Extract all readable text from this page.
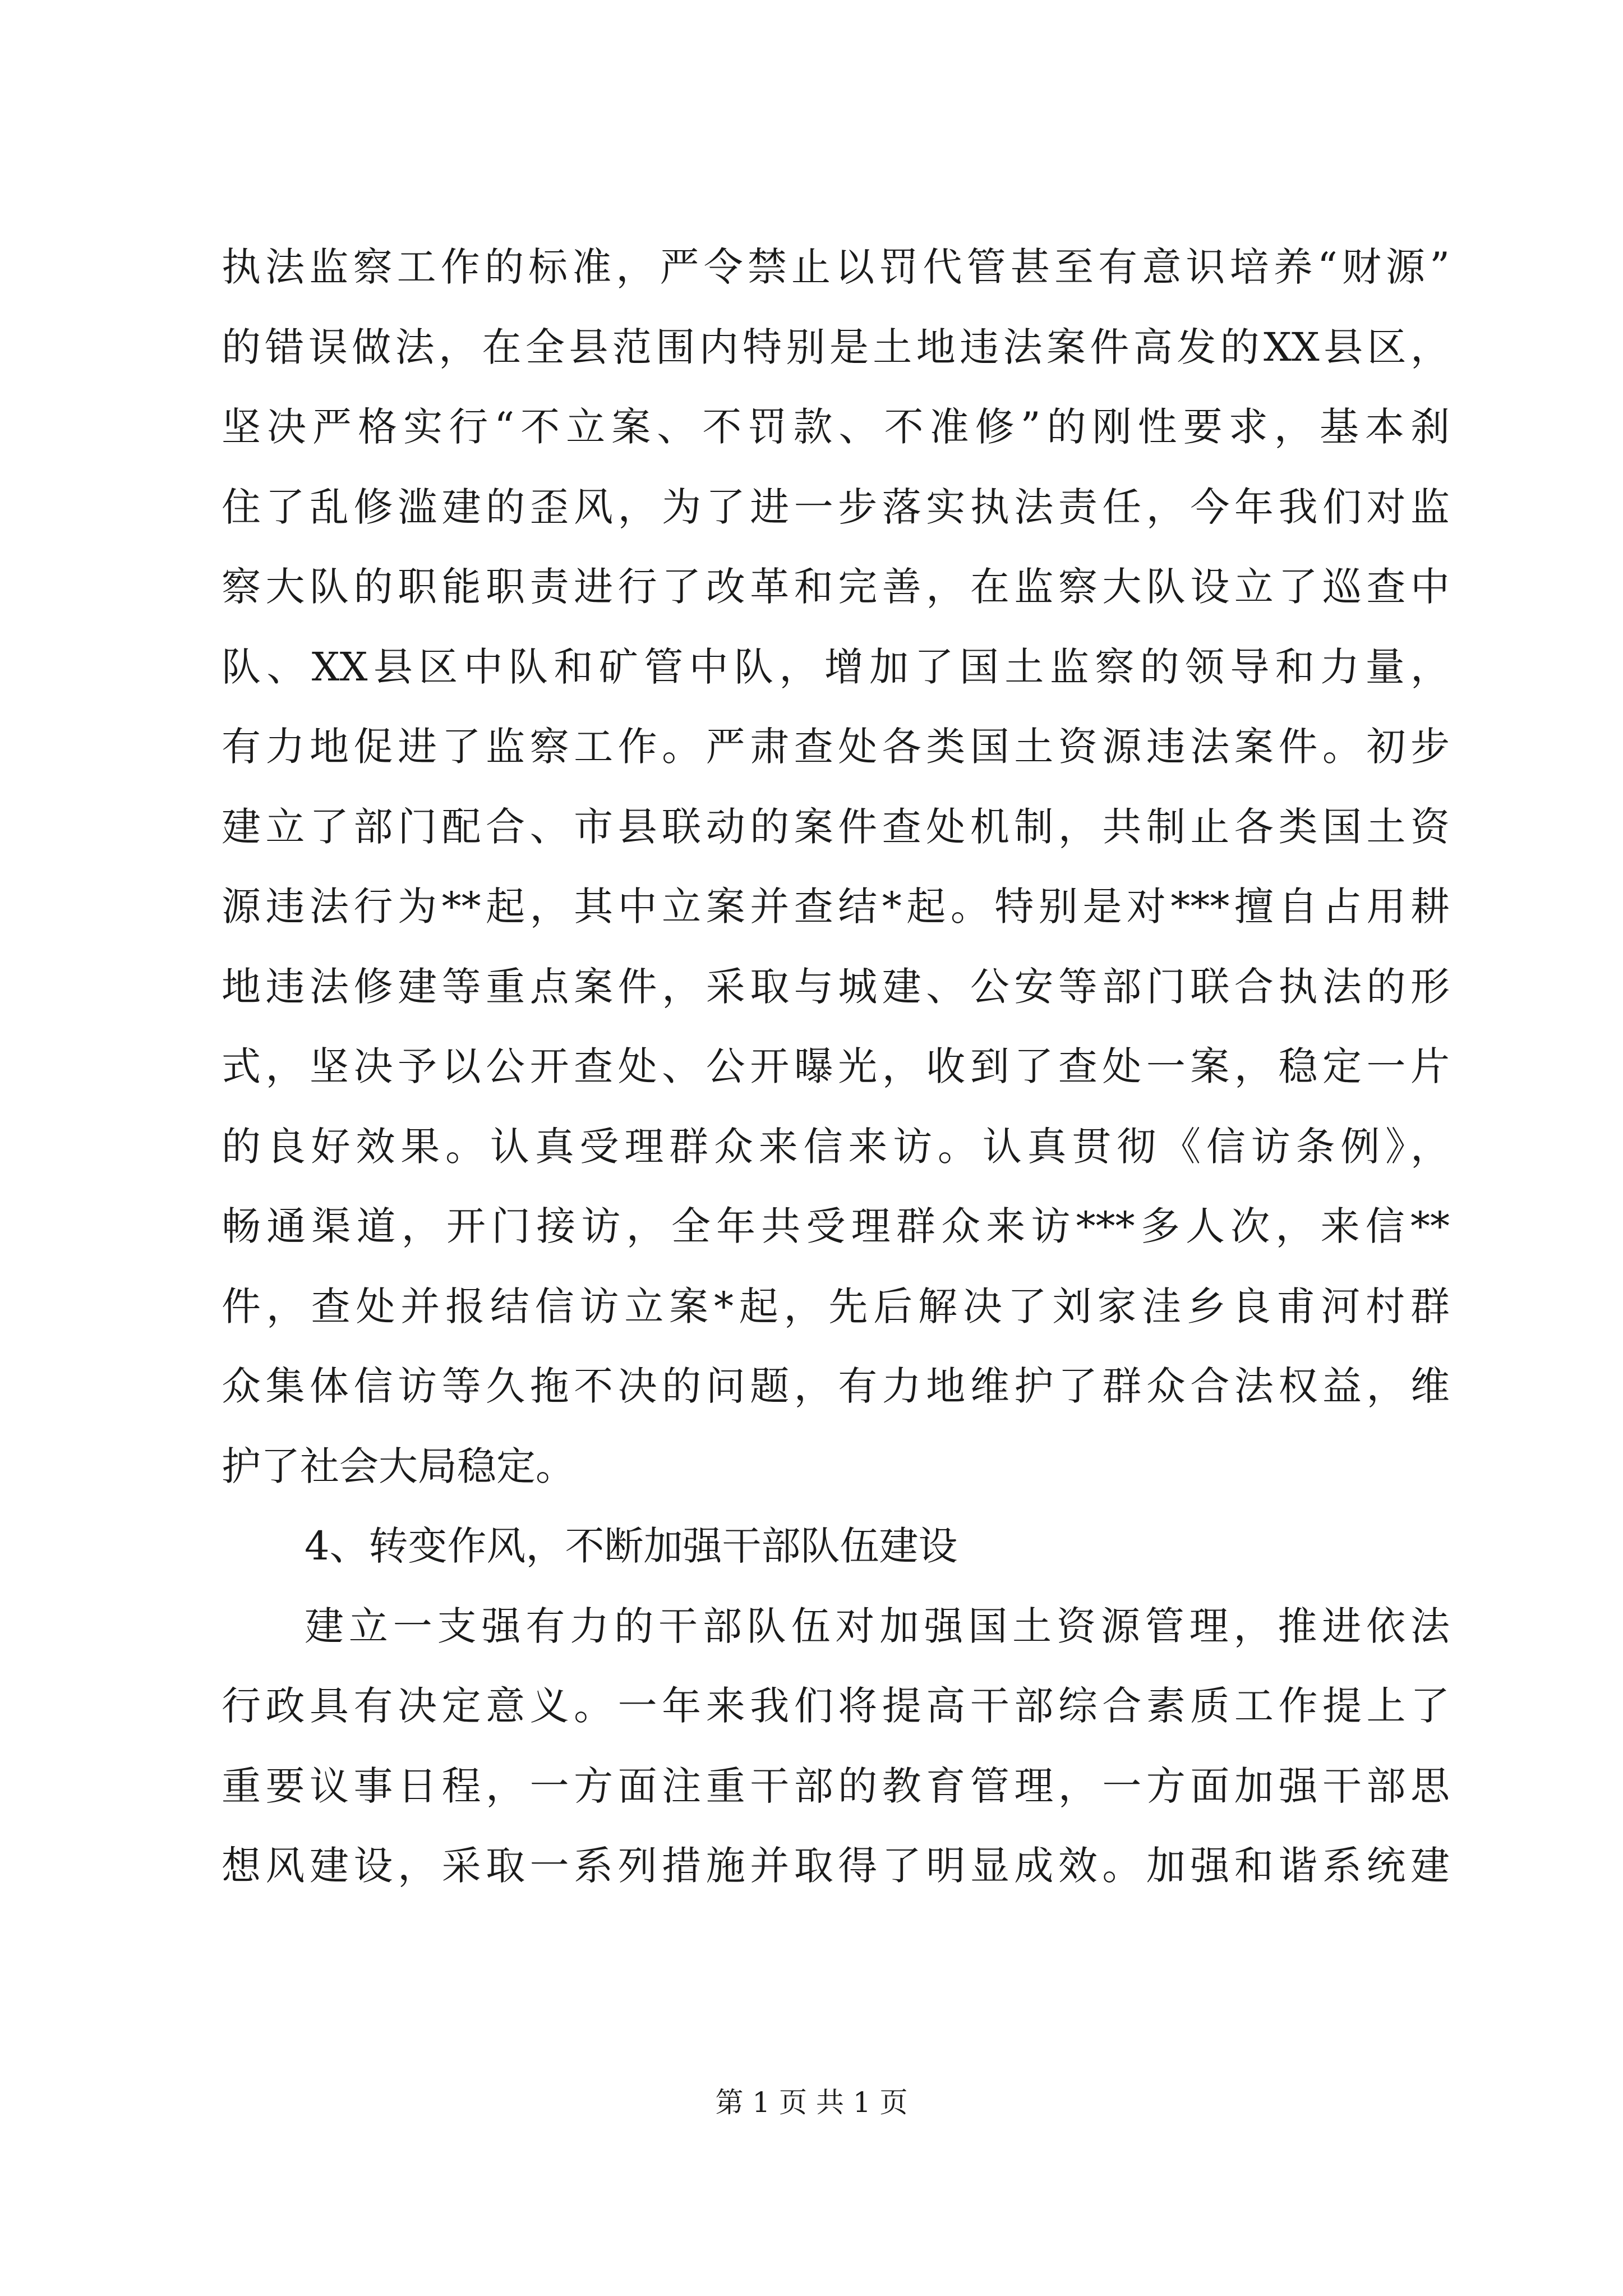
执法监察工作的标准，严令禁止以罚代管甚至有意识培养“财源”
的错误做法，在全县范围内特别是土地违法案件高发的XX县区，
坚决严格实行“不立案、不罚款、不准修”的刚性要求，基本刹
住了乱修滥建的歪风，为了进一步落实执法责任，今年我们对监
察大队的职能职责进行了改革和完善，在监察大队设立了巡查中
队、XX县区中队和矿管中队，增加了国土监察的领导和力量，
有力地促进了监察工作。严肃查处各类国土资源违法案件。初步
建立了部门配合、市县联动的案件查处机制，共制止各类国土资
源违法行为**起，其中立案并查结*起。特别是对***擅自占用耕
地违法修建等重点案件，采取与城建、公安等部门联合执法的形
式，坚决予以公开查处、公开曝光，收到了查处一案，稳定一片
的良好效果。认真受理群众来信来访。认真贯彻《信访条例》，
畅通渠道，开门接访，全年共受理群众来访***多人次，来信**
件，查处并报结信访立案*起，先后解决了刘家洼乡良甫河村群
众集体信访等久拖不决的问题，有力地维护了群众合法权益，维
护了社会大局稳定。
4、转变作风，不断加强干部队伍建设
建立一支强有力的干部队伍对加强国土资源管理，推进依法
行政具有决定意义。一年来我们将提高干部综合素质工作提上了
重要议事日程，一方面注重干部的教育管理，一方面加强干部思
想风建设，采取一系列措施并取得了明显成效。加强和谐系统建
第 1 页 共 1 页
